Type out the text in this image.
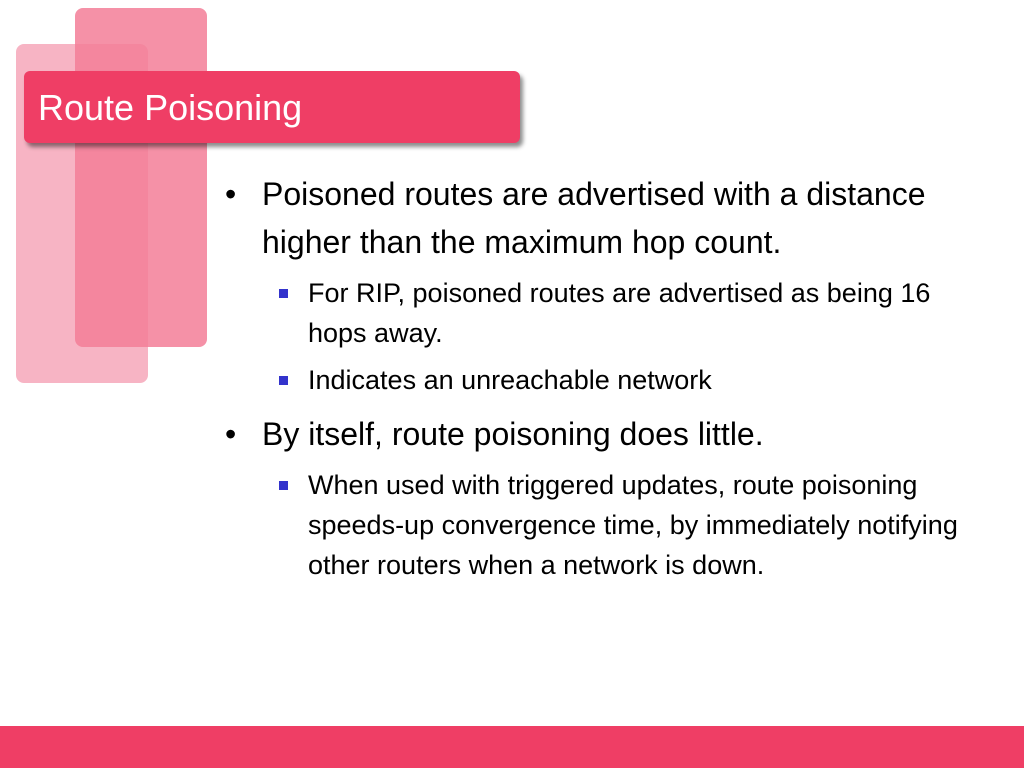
Route Poisoning
• Poisoned routes are advertised with a distance higher than the maximum hop count.
For RIP, poisoned routes are advertised as being 16 hops away.
Indicates an unreachable network
• By itself, route poisoning does little.
When used with triggered updates, route poisoning speeds-up convergence time, by immediately notifying other routers when a network is down.
